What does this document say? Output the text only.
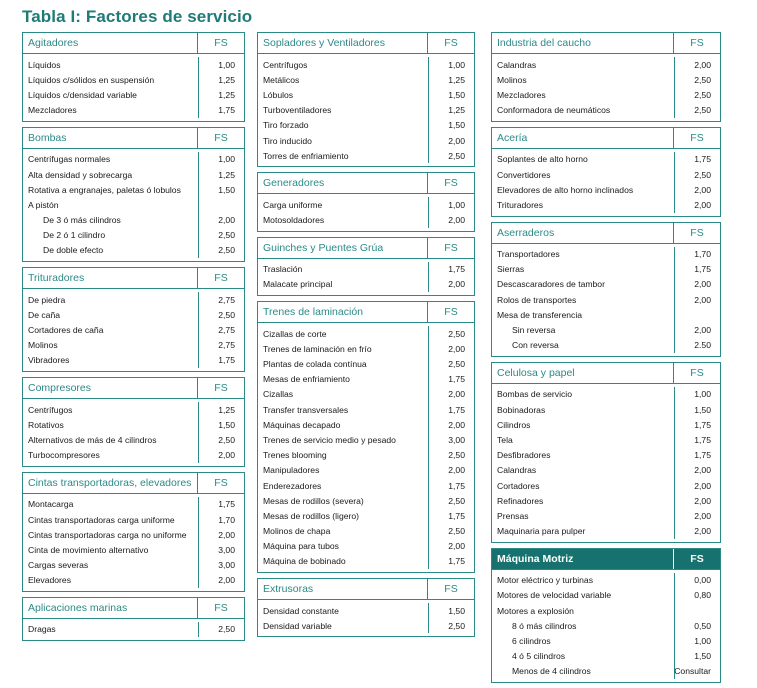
Tabla I: Factores de servicio
Agitadores	FS
Líquidos	1,00
Líquidos c/sólidos en suspensión	1,25
Líquidos c/densidad variable	1,25
Mezcladores	1,75
Bombas	FS
Centrífugas normales	1,00
Alta densidad y sobrecarga	1,25
Rotativa a engranajes, paletas ó lobulos	1,50
A pistón
De 3 ó más cilindros	2,00
De 2 ó 1 cilindro	2,50
De doble efecto	2,50
Trituradores	FS
De piedra	2,75
De caña	2,50
Cortadores de caña	2,75
Molinos	2,75
Vibradores	1,75
Compresores	FS
Centrífugos	1,25
Rotativos	1,50
Alternativos de más de 4 cilindros	2,50
Turbocompresores	2,00
Cintas transportadoras, elevadores	FS
Montacarga	1,75
Cintas transportadoras carga uniforme	1,70
Cintas transportadoras carga no uniforme	2,00
Cinta de movimiento alternativo	3,00
Cargas severas	3,00
Elevadores	2,00
Aplicaciones marinas	FS
Dragas	2,50
Sopladores y Ventiladores	FS
Centrífugos	1,00
Metálicos	1,25
Lóbulos	1,50
Turboventiladores	1,25
Tiro forzado	1,50
Tiro inducido	2,00
Torres de enfriamiento	2,50
Generadores	FS
Carga uniforme	1,00
Motosoldadores	2,00
Guinches y Puentes Grúa	FS
Traslación	1,75
Malacate principal	2,00
Trenes de laminación	FS
Cizallas de corte	2,50
Trenes de laminación en frío	2,00
Plantas de colada contínua	2,50
Mesas de enfriamiento	1,75
Cizallas	2,00
Transfer transversales	1,75
Máquinas decapado	2,00
Trenes de servicio medio y pesado	3,00
Trenes blooming	2,50
Manipuladores	2,00
Enderezadores	1,75
Mesas de rodillos (severa)	2,50
Mesas de rodillos (ligero)	1,75
Molinos de chapa	2,50
Máquina para tubos	2,00
Máquina de bobinado	1,75
Extrusoras	FS
Densidad constante	1,50
Densidad variable	2,50
Industria del caucho	FS
Calandras	2,00
Molinos	2,50
Mezcladores	2,50
Conformadora de neumáticos	2,50
Acería	FS
Soplantes de alto horno	1,75
Convertidores	2,50
Elevadores de alto horno inclinados	2,00
Trituradores	2,00
Aserraderos	FS
Transportadores	1,70
Sierras	1,75
Descascaradores de tambor	2,00
Rolos de transportes	2,00
Mesa de transferencia
Sin reversa	2,00
Con reversa	2.50
Celulosa y papel	FS
Bombas de servicio	1,00
Bobinadoras	1,50
Cilindros	1,75
Tela	1,75
Desfibradores	1,75
Calandras	2,00
Cortadores	2,00
Refinadores	2,00
Prensas	2,00
Maquinaria para pulper	2,00
Máquina Motriz	FS
Motor eléctrico y turbinas	0,00
Motores de velocidad variable	0,80
Motores a explosión
8 ó más cilindros	0,50
6 cilindros	1,00
4 ó 5 cilindros	1,50
Menos de 4 cilindros	Consultar
